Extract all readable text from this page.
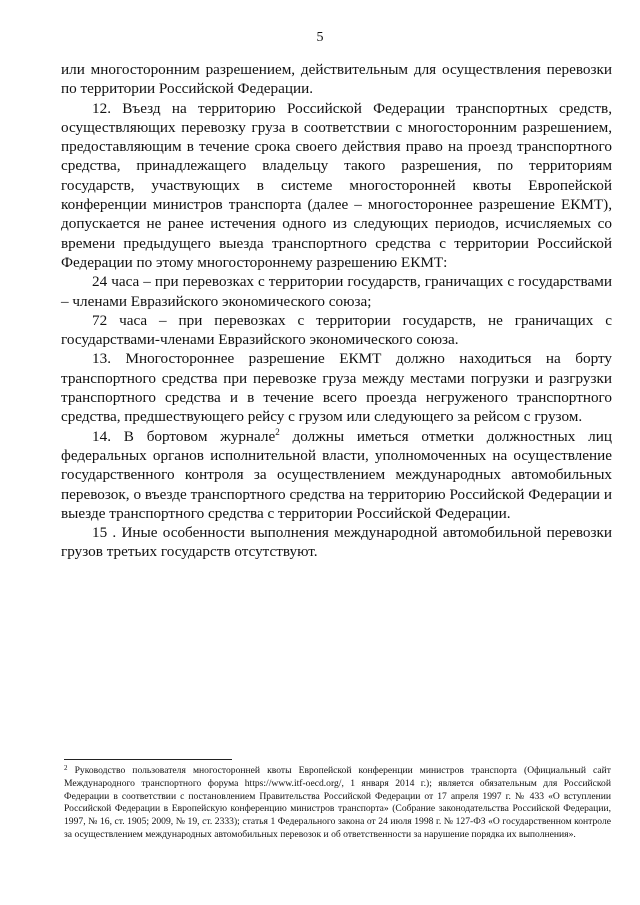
5

или многосторонним разрешением, действительным для осуществления перевозки по территории Российской Федерации.

12. Въезд на территорию Российской Федерации транспортных средств, осуществляющих перевозку груза в соответствии с многосторонним разрешением, предоставляющим в течение срока своего действия право на проезд транспортного средства, принадлежащего владельцу такого разрешения, по территориям государств, участвующих в системе многосторонней квоты Европейской конференции министров транспорта (далее – многостороннее разрешение ЕКМТ), допускается не ранее истечения одного из следующих периодов, исчисляемых со времени предыдущего выезда транспортного средства с территории Российской Федерации по этому многостороннему разрешению ЕКМТ:

24 часа – при перевозках с территории государств, граничащих с государствами – членами Евразийского экономического союза;

72 часа – при перевозках с территории государств, не граничащих с государствами-членами Евразийского экономического союза.

13. Многостороннее разрешение ЕКМТ должно находиться на борту транспортного средства при перевозке груза между местами погрузки и разгрузки транспортного средства и в течение всего проезда негруженого транспортного средства, предшествующего рейсу с грузом или следующего за рейсом с грузом.

14. В бортовом журнале$^2$ должны иметься отметки должностных лиц федеральных органов исполнительной власти, уполномоченных на осуществление государственного контроля за осуществлением международных автомобильных перевозок, о въезде транспортного средства на территорию Российской Федерации и выезде транспортного средства с территории Российской Федерации.

15 . Иные особенности выполнения международной автомобильной перевозки грузов третьих государств отсутствуют.

$^2$ Руководство пользователя многосторонней квоты Европейской конференции министров транспорта (Официальный сайт Международного транспортного форума https://www.itf-oecd.org/, 1 января 2014 г.); является обязательным для Российской Федерации в соответствии с постановлением Правительства Российской Федерации от 17 апреля 1997 г. № 433 «О вступлении Российской Федерации в Европейскую конференцию министров транспорта» (Собрание законодательства Российской Федерации, 1997, № 16, ст. 1905; 2009, № 19, ст. 2333); статья 1 Федерального закона от 24 июля 1998 г. № 127-ФЗ «О государственном контроле за осуществлением международных автомобильных перевозок и об ответственности за нарушение порядка их выполнения».
